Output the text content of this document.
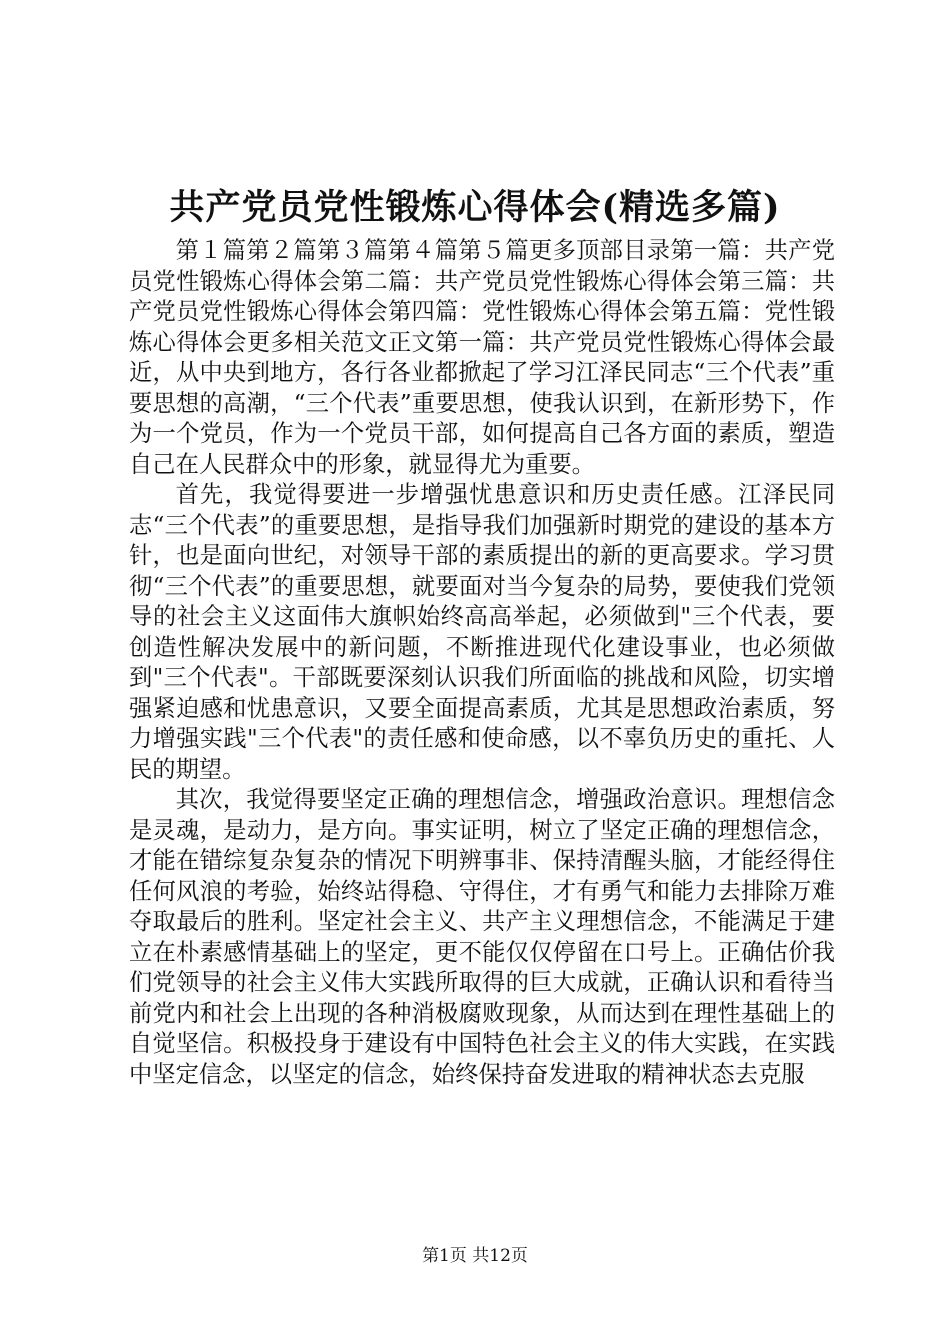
共产党员党性锻炼心得体会(精选多篇)

第１篇第２篇第３篇第４篇第５篇更多顶部目录第一篇：共产党员党性锻炼心得体会第二篇：共产党员党性锻炼心得体会第三篇：共产党员党性锻炼心得体会第四篇：党性锻炼心得体会第五篇：党性锻炼心得体会更多相关范文正文第一篇：共产党员党性锻炼心得体会最近，从中央到地方，各行各业都掀起了学习江泽民同志“三个代表”重要思想的高潮，“三个代表”重要思想，使我认识到，在新形势下，作为一个党员，作为一个党员干部，如何提高自己各方面的素质，塑造自己在人民群众中的形象，就显得尤为重要。

首先，我觉得要进一步增强忧患意识和历史责任感。江泽民同志“三个代表”的重要思想，是指导我们加强新时期党的建设的基本方针，也是面向世纪，对领导干部的素质提出的新的更高要求。学习贯彻“三个代表”的重要思想，就要面对当今复杂的局势，要使我们党领导的社会主义这面伟大旗帜始终高高举起，必须做到"三个代表，要创造性解决发展中的新问题，不断推进现代化建设事业，也必须做到"三个代表"。干部既要深刻认识我们所面临的挑战和风险，切实增强紧迫感和忧患意识，又要全面提高素质，尤其是思想政治素质，努力增强实践"三个代表"的责任感和使命感，以不辜负历史的重托、人民的期望。

其次，我觉得要坚定正确的理想信念，增强政治意识。理想信念是灵魂，是动力，是方向。事实证明，树立了坚定正确的理想信念，才能在错综复杂复杂的情况下明辨事非、保持清醒头脑，才能经得住任何风浪的考验，始终站得稳、守得住，才有勇气和能力去排除万难夺取最后的胜利。坚定社会主义、共产主义理想信念，不能满足于建立在朴素感情基础上的坚定，更不能仅仅停留在口号上。正确估价我们党领导的社会主义伟大实践所取得的巨大成就，正确认识和看待当前党内和社会上出现的各种消极腐败现象，从而达到在理性基础上的自觉坚信。积极投身于建设有中国特色社会主义的伟大实践，在实践中坚定信念，以坚定的信念，始终保持奋发进取的精神状态去克服

第1页 共12页
